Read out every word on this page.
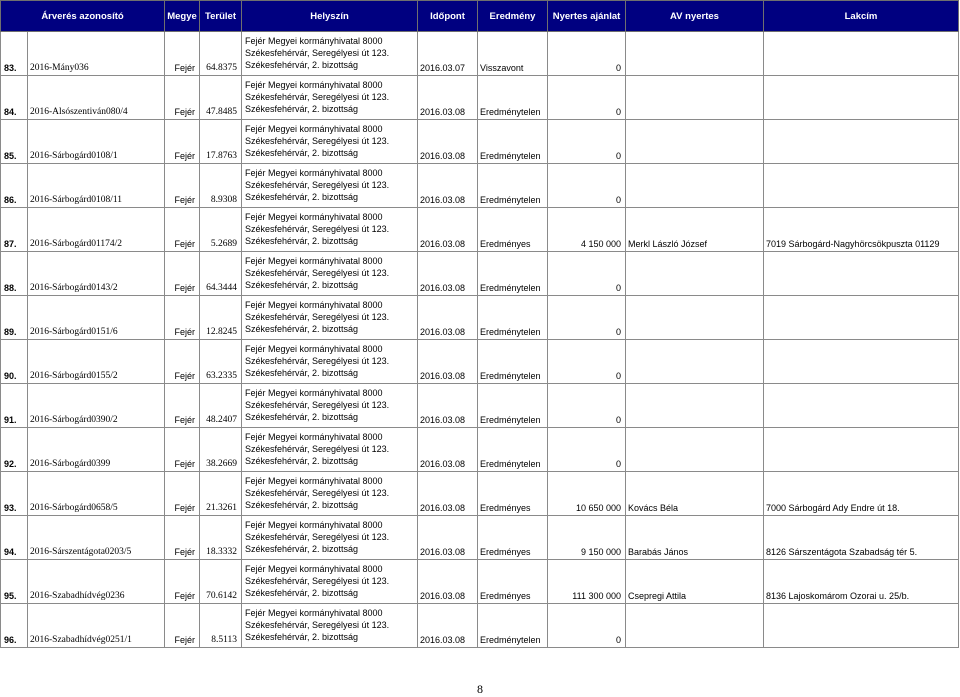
Árverés azonosító		Megye	Terület	Helyszín	Időpont	Eredmény	Nyertes ajánlat	AV nyertes	Lakcím
83.	2016-Mány036	Fejér	64.8375	Fejér Megyei kormányhivatal 8000
Székesfehérvár, Seregélyesi út 123.
Székesfehérvár, 2. bizottság	2016.03.07	Visszavont	0		
84.	2016-Alsószentiván080/4	Fejér	47.8485	Fejér Megyei kormányhivatal 8000
Székesfehérvár, Seregélyesi út 123.
Székesfehérvár, 2. bizottság	2016.03.08	Eredménytelen	0		
85.	2016-Sárbogárd0108/1	Fejér	17.8763	Fejér Megyei kormányhivatal 8000
Székesfehérvár, Seregélyesi út 123.
Székesfehérvár, 2. bizottság	2016.03.08	Eredménytelen	0		
86.	2016-Sárbogárd0108/11	Fejér	8.9308	Fejér Megyei kormányhivatal 8000
Székesfehérvár, Seregélyesi út 123.
Székesfehérvár, 2. bizottság	2016.03.08	Eredménytelen	0		
87.	2016-Sárbogárd01174/2	Fejér	5.2689	Fejér Megyei kormányhivatal 8000
Székesfehérvár, Seregélyesi út 123.
Székesfehérvár, 2. bizottság	2016.03.08	Eredményes	4 150 000	Merkl László József	7019 Sárbogárd-Nagyhörcsökpuszta 01129
88.	2016-Sárbogárd0143/2	Fejér	64.3444	Fejér Megyei kormányhivatal 8000
Székesfehérvár, Seregélyesi út 123.
Székesfehérvár, 2. bizottság	2016.03.08	Eredménytelen	0		
89.	2016-Sárbogárd0151/6	Fejér	12.8245	Fejér Megyei kormányhivatal 8000
Székesfehérvár, Seregélyesi út 123.
Székesfehérvár, 2. bizottság	2016.03.08	Eredménytelen	0		
90.	2016-Sárbogárd0155/2	Fejér	63.2335	Fejér Megyei kormányhivatal 8000
Székesfehérvár, Seregélyesi út 123.
Székesfehérvár, 2. bizottság	2016.03.08	Eredménytelen	0		
91.	2016-Sárbogárd0390/2	Fejér	48.2407	Fejér Megyei kormányhivatal 8000
Székesfehérvár, Seregélyesi út 123.
Székesfehérvár, 2. bizottság	2016.03.08	Eredménytelen	0		
92.	2016-Sárbogárd0399	Fejér	38.2669	Fejér Megyei kormányhivatal 8000
Székesfehérvár, Seregélyesi út 123.
Székesfehérvár, 2. bizottság	2016.03.08	Eredménytelen	0		
93.	2016-Sárbogárd0658/5	Fejér	21.3261	Fejér Megyei kormányhivatal 8000
Székesfehérvár, Seregélyesi út 123.
Székesfehérvár, 2. bizottság	2016.03.08	Eredményes	10 650 000	Kovács Béla	7000 Sárbogárd Ady Endre út 18.
94.	2016-Sárszentágota0203/5	Fejér	18.3332	Fejér Megyei kormányhivatal 8000
Székesfehérvár, Seregélyesi út 123.
Székesfehérvár, 2. bizottság	2016.03.08	Eredményes	9 150 000	Barabás János	8126 Sárszentágota Szabadság tér 5.
95.	2016-Szabadhídvég0236	Fejér	70.6142	Fejér Megyei kormányhivatal 8000
Székesfehérvár, Seregélyesi út 123.
Székesfehérvár, 2. bizottság	2016.03.08	Eredményes	111 300 000	Csepregi Attila	8136 Lajoskomárom Ozorai u. 25/b.
96.	2016-Szabadhídvég0251/1	Fejér	8.5113	Fejér Megyei kormányhivatal 8000
Székesfehérvár, Seregélyesi út 123.
Székesfehérvár, 2. bizottság	2016.03.08	Eredménytelen	0		
8
